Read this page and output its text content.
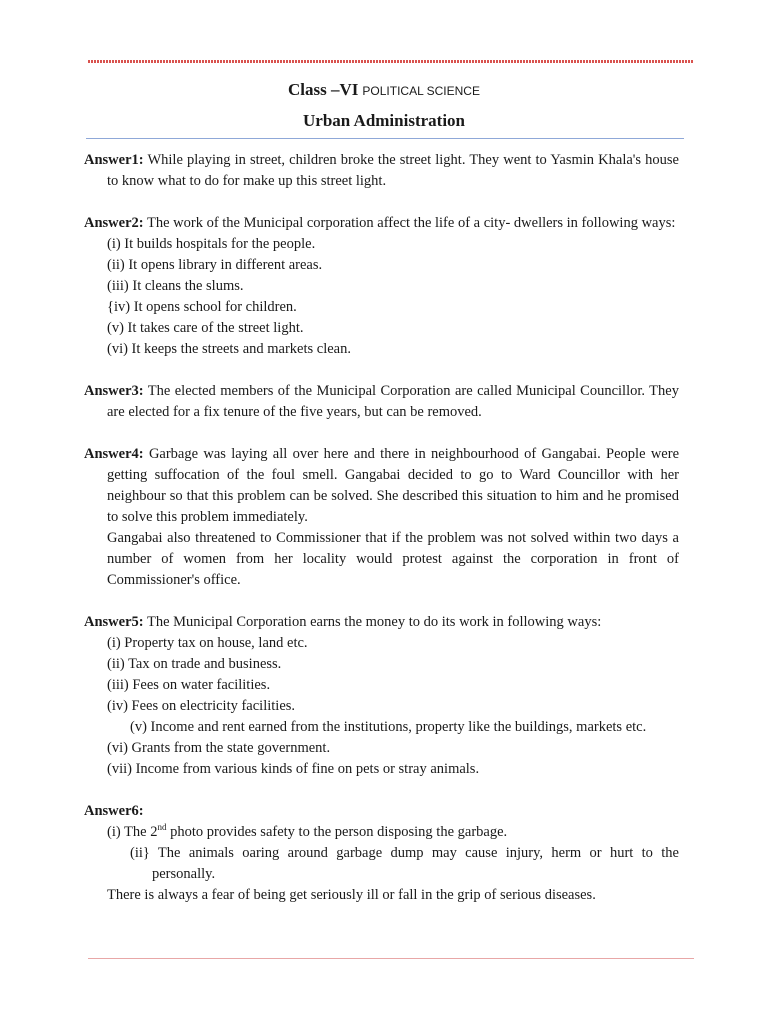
Class –VI POLITICAL SCIENCE
Urban Administration

Answer1: While playing in street, children broke the street light. They went to Yasmin Khala's house to know what to do for make up this street light.

Answer2: The work of the Municipal corporation affect the life of a city- dwellers in following ways:

(i) It builds hospitals for the people.

(ii) It opens library in different areas.

(iii) It cleans the slums.

{iv) It opens school for children.

(v) It takes care of the street light.

(vi) It keeps the streets and markets clean.

Answer3: The elected members of the Municipal Corporation are called Municipal Councillor. They are elected for a fix tenure of the five years, but can be removed.

Answer4: Garbage was laying all over here and there in neighbourhood of Gangabai. People were getting suffocation of the foul smell. Gangabai decided to go to Ward Councillor with her neighbour so that this problem can be solved. She described this situation to him and he promised to solve this problem immediately.

Gangabai also threatened to Commissioner that if the problem was not solved within two days a number of women from her locality would protest against the corporation in front of Commissioner's office.

Answer5: The Municipal Corporation earns the money to do its work in following ways:

(i) Property tax on house, land etc.

(ii) Tax on trade and business.

(iii) Fees on water facilities.

(iv) Fees on electricity facilities.

(v) Income and rent earned from the institutions, property like the buildings, markets etc.

(vi) Grants from the state government.

(vii) Income from various kinds of fine on pets or stray animals.

Answer6:

(i) The 2nd photo provides safety to the person disposing the garbage.

(ii} The animals oaring around garbage dump may cause injury, herm or hurt to the personally.

There is always a fear of being get seriously ill or fall in the grip of serious diseases.
